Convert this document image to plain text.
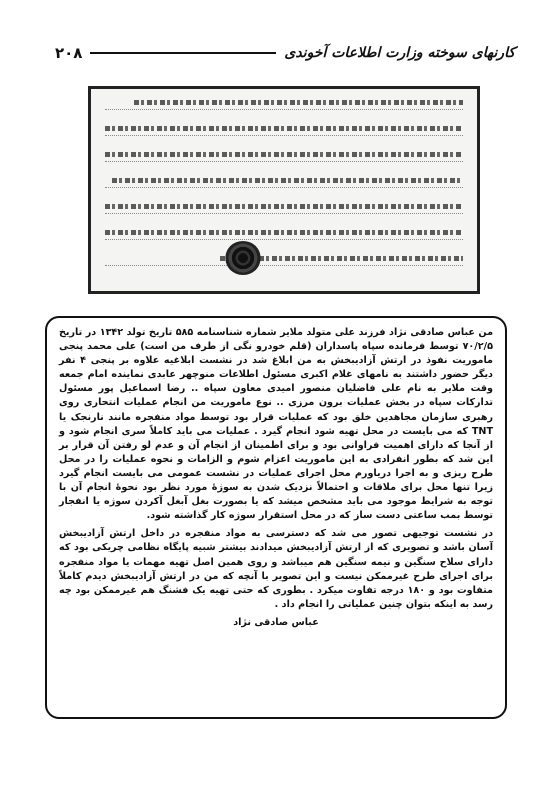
کارنهای سوخته وزارت اطلاعات آخوندی
۲۰۸

من عباس صادقی نژاد فرزند علی متولد ملایر شماره شناسنامه ۵۸۵ تاریخ تولد ۱۳۴۲ در تاریخ ۷۰/۲/۵ توسط فرمانده سپاه پاسداران (قلم خودرو نگی از طرف من است) علی محمد پنجی ماموریت نفوذ در ارتش آزادیبخش به من ابلاغ شد در نشست ابلاغیه علاوه بر پنجی ۴ نفر دیگر حضور داشتند به نامهای غلام اکبری مسئول اطلاعات منوچهر عابدی نماینده امام جمعه وقت ملایر به نام علی فاضلیان منصور امیدی معاون سپاه .. رضا اسماعیل پور مسئول تدارکات سپاه در بخش عملیات برون مرزی .. نوع ماموریت من انجام عملیات انتحاری روی رهبری سازمان مجاهدین خلق بود که عملیات قرار بود توسط مواد منفجره مانند نارنجک یا TNT که می بایست در محل تهیه شود انجام گیرد . عملیات می باید کاملاً سری انجام شود و از آنجا که دارای اهمیت فراوانی بود و برای اطمینان از انجام آن و عدم لو رفتن آن قرار بر این شد که بطور انفرادی به این ماموریت اعزام شوم و الزامات و نحوه عملیات را در محل طرح ریزی و به اجرا دریاورم محل اجرای عملیات در نشست عمومی می بایست انجام گیرد زیرا تنها محل برای ملاقات و احتمالاً نزدیک شدن به سوژهٔ مورد نظر بود نحوهٔ انجام آن با توجه به شرایط موجود می باید مشخص میشد که یا بصورت بغل آبغل آکردن سوژه یا انفجار توسط بمب ساعتی دست ساز که در محل استقرار سوژه کار گذاشته شود.

در نشست توجیهی تصور می شد که دسترسی به مواد منفجره در داخل ارتش آزادیبخش آسان باشد و تصویری که از ارتش آزادیبخش میدادند بیشتر شبیه پایگاه نظامی چریکی بود که دارای سلاح سنگین و نیمه سنگین هم میباشد و روی همین اصل تهیه مهمات یا مواد منفجره برای اجرای طرح غیرممکن نیست و این تصویر با آنچه که من در ارتش آزادیبخش دیدم کاملاً متفاوت بود و ۱۸۰ درجه تفاوت میکرد . بطوری که حتی تهیه یک فشنگ هم غیرممکن بود چه رسد به اینکه بتوان چنین عملیاتی را انجام داد .

عباس صادقی نژاد
